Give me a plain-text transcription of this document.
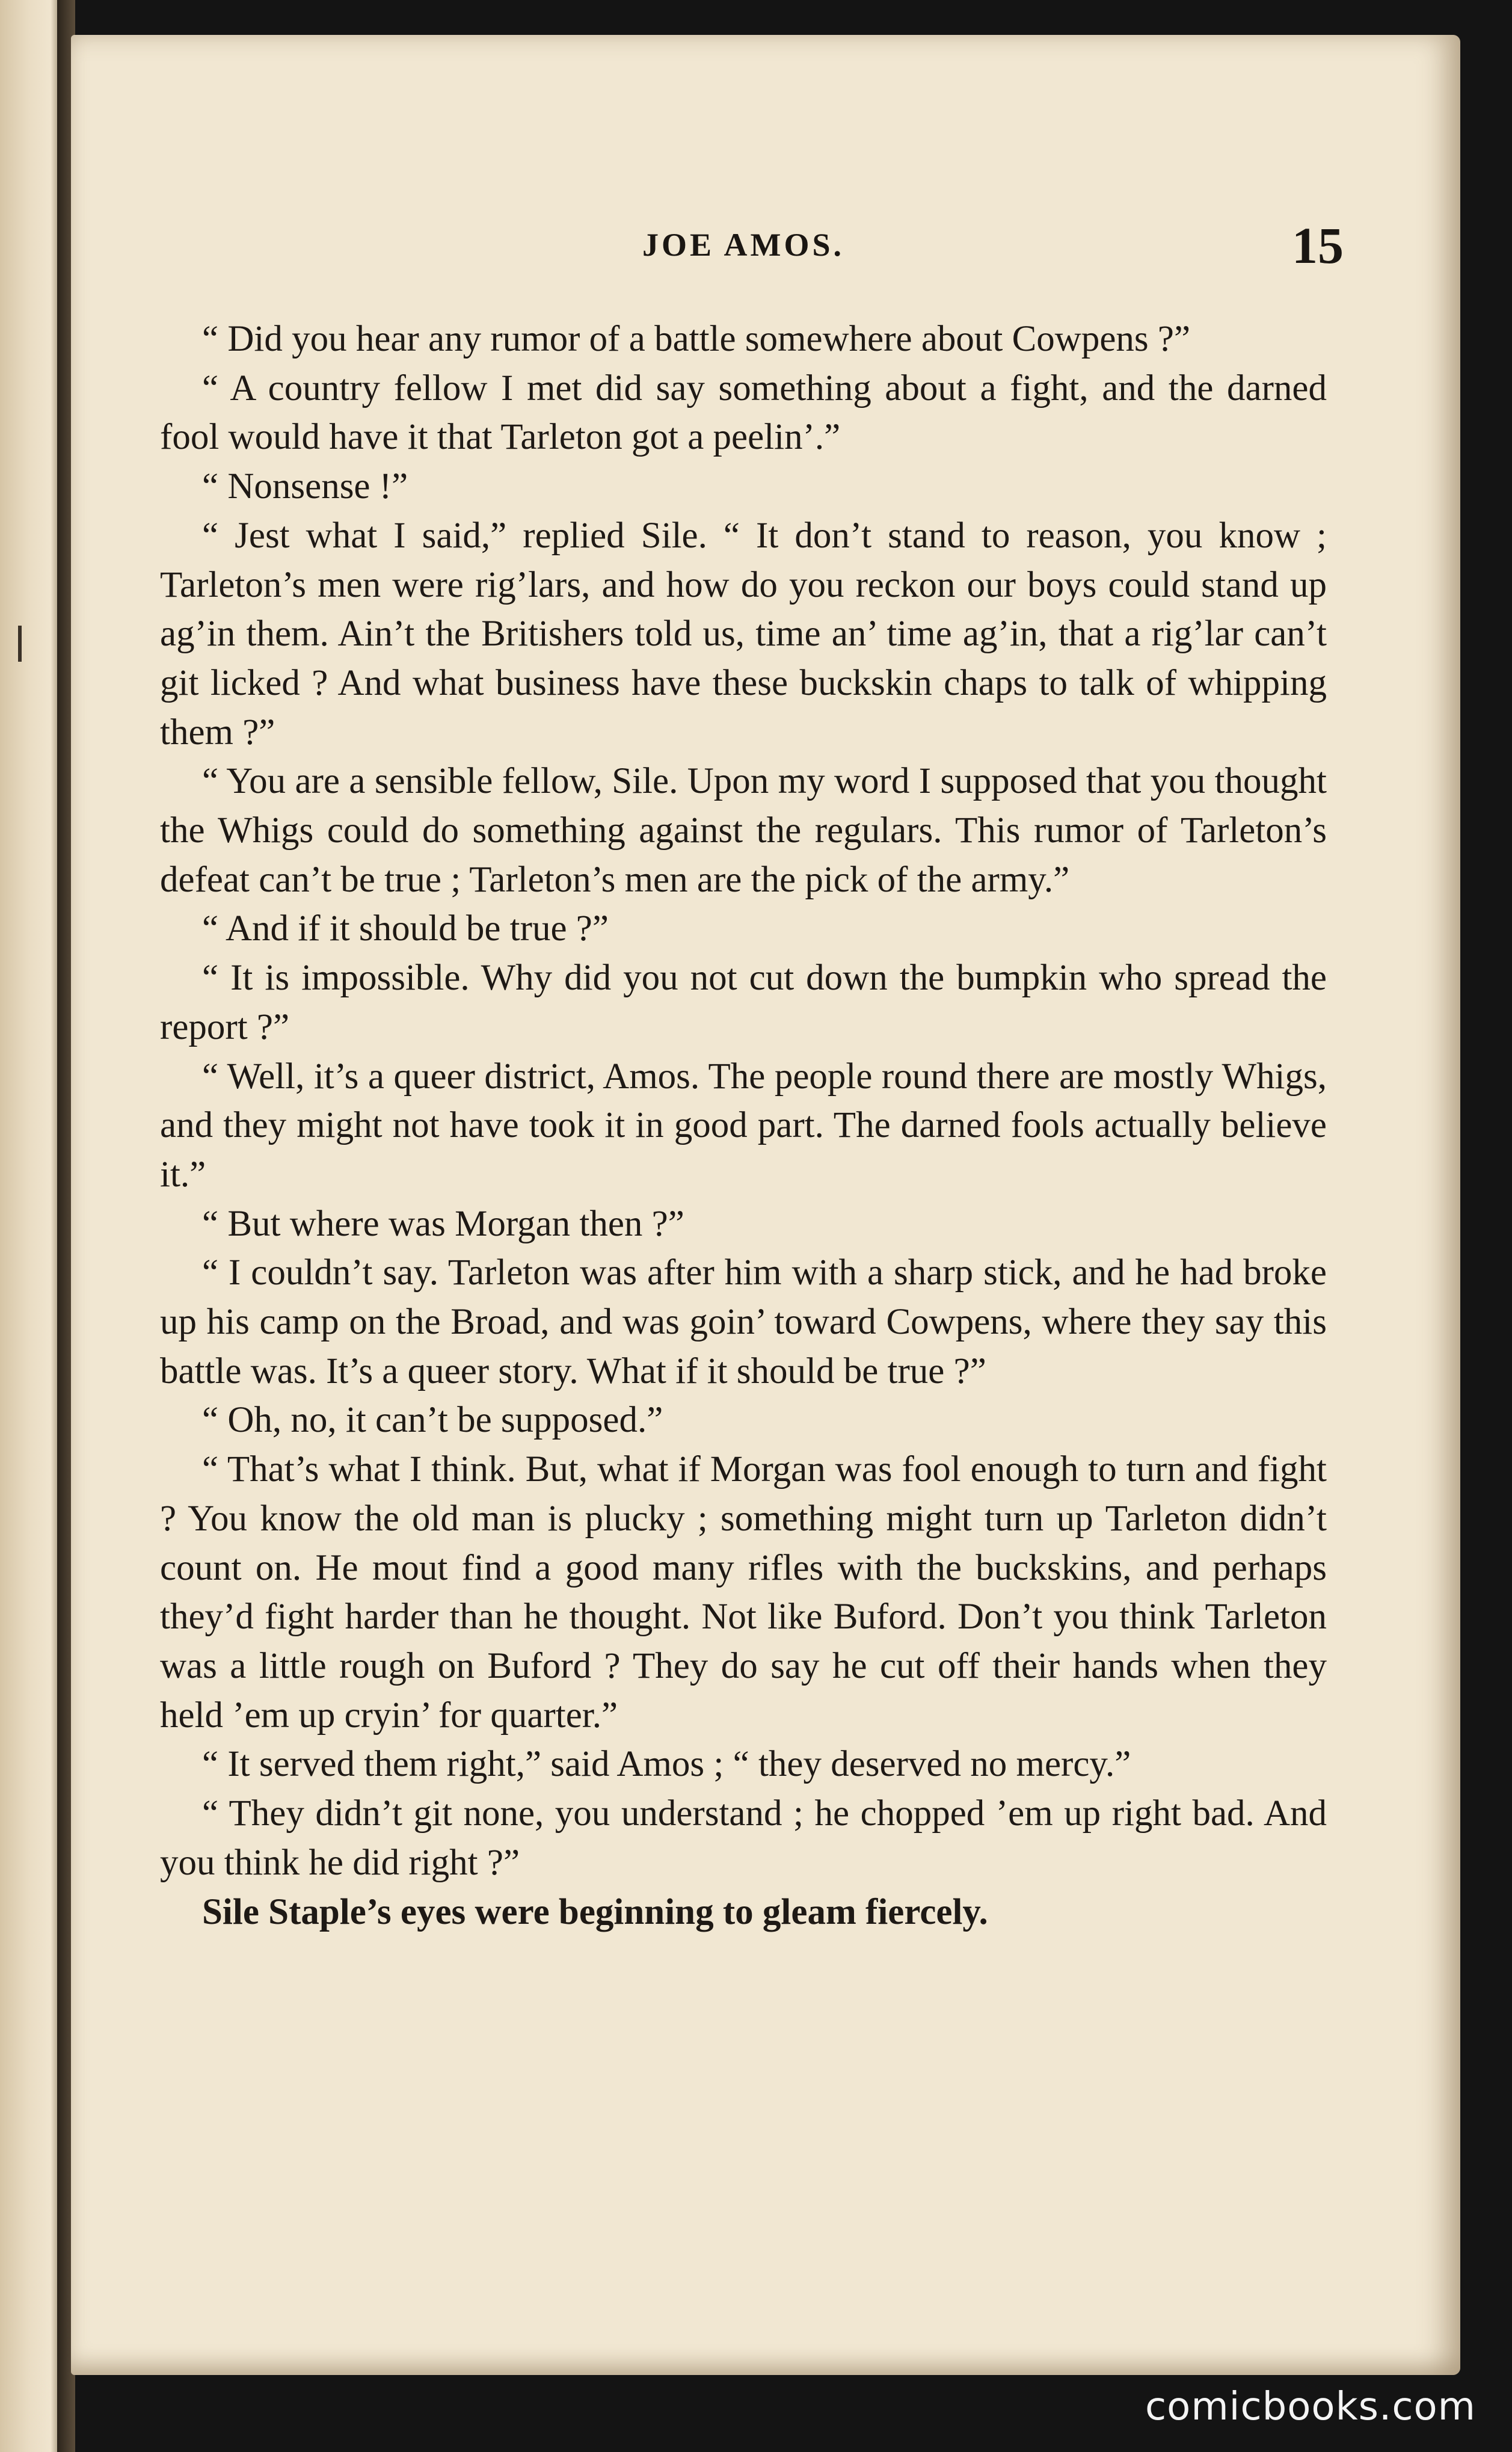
JOE AMOS.	15

“ Did you hear any rumor of a battle somewhere about Cowpens ?”

“ A country fellow I met did say something about a fight, and the darned fool would have it that Tarleton got a peelin’.”

“ Nonsense !”

“ Jest what I said,” replied Sile. “ It don’t stand to reason, you know ; Tarleton’s men were rig’lars, and how do you reckon our boys could stand up ag’in them. Ain’t the Britishers told us, time an’ time ag’in, that a rig’lar can’t git licked ? And what business have these buckskin chaps to talk of whipping them ?”

“ You are a sensible fellow, Sile. Upon my word I supposed that you thought the Whigs could do something against the regulars. This rumor of Tarleton’s defeat can’t be true ; Tarleton’s men are the pick of the army.”

“ And if it should be true ?”

“ It is impossible. Why did you not cut down the bumpkin who spread the report ?”

“ Well, it’s a queer district, Amos. The people round there are mostly Whigs, and they might not have took it in good part. The darned fools actually believe it.”

“ But where was Morgan then ?”

“ I couldn’t say. Tarleton was after him with a sharp stick, and he had broke up his camp on the Broad, and was goin’ toward Cowpens, where they say this battle was. It’s a queer story. What if it should be true ?”

“ Oh, no, it can’t be supposed.”

“ That’s what I think. But, what if Morgan was fool enough to turn and fight ? You know the old man is plucky ; something might turn up Tarleton didn’t count on. He mout find a good many rifles with the buckskins, and perhaps they’d fight harder than he thought. Not like Buford. Don’t you think Tarleton was a little rough on Buford ? They do say he cut off their hands when they held ’em up cryin’ for quarter.”

“ It served them right,” said Amos ; “ they deserved no mercy.”

“ They didn’t git none, you understand ; he chopped ’em up right bad. And you think he did right ?”

Sile Staple’s eyes were beginning to gleam fiercely.

comicbooks.com
